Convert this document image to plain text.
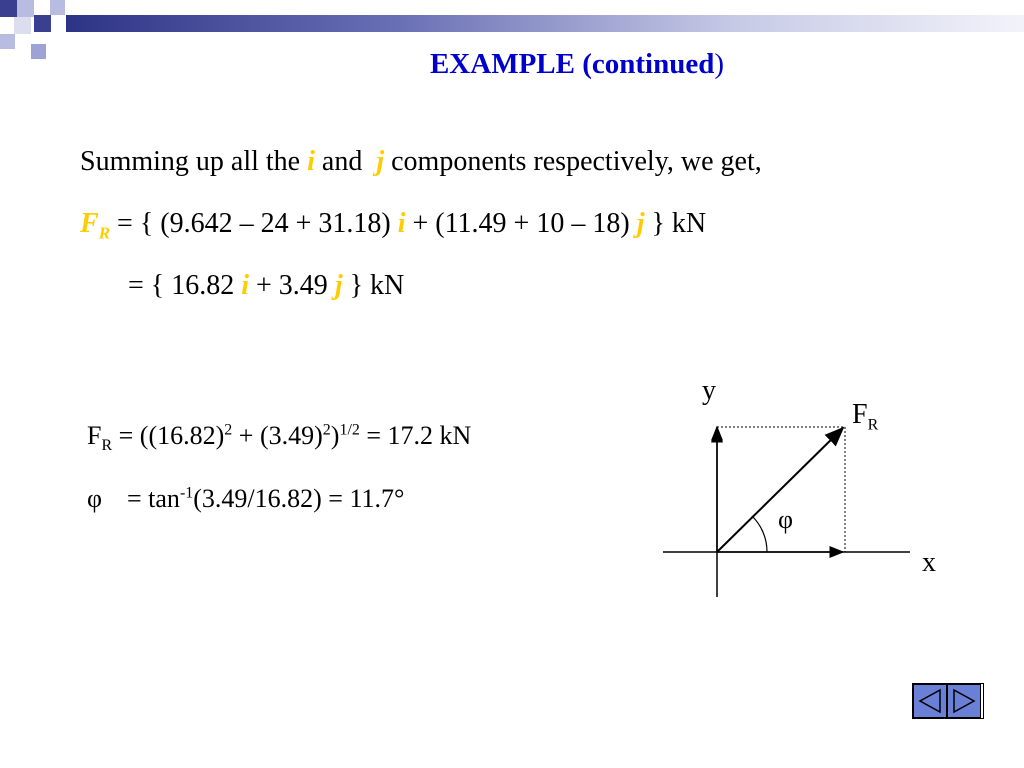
EXAMPLE (continued)
Summing up all the i and  j components respectively, we get,
$F_R$ = { (9.642 – 24 + 31.18) i + (11.49 + 10 – 18) j } kN
= { 16.82 i + 3.49 j } kN
$F_R = ((16.82)^2 + (3.49)^2)^{1/2} = 17.2$ kN
$\varphi = \tan^{-1}(3.49/16.82) = 11.7^\circ$
y
x
$F_R$
φ
